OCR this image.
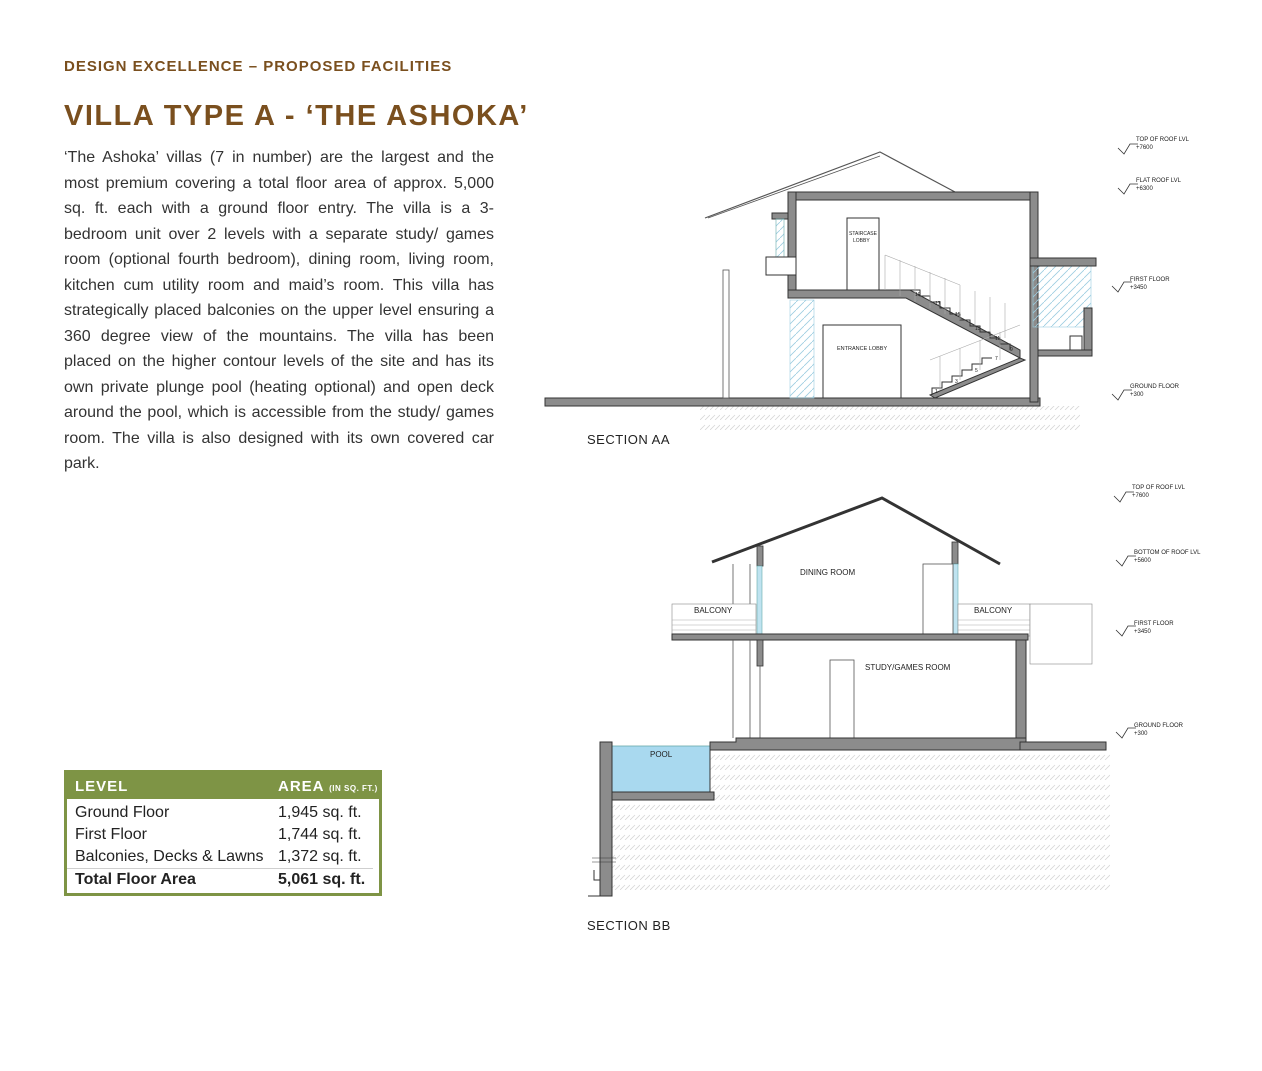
DESIGN EXCELLENCE – PROPOSED FACILITIES
VILLA TYPE A - ‘THE ASHOKA’

‘The Ashoka’ villas (7 in number) are the largest and the most premium covering a total floor area of approx. 5,000 sq. ft. each with a ground floor entry. The villa is a 3-bedroom unit over 2 levels with a separate study/ games room (optional fourth bedroom), dining room, living room, kitchen cum utility room and maid’s room. This villa has strategically placed balconies on the upper level ensuring a 360 degree view of the mountains. The villa has been placed on the higher contour levels of the site and has its own private plunge pool (heating optional) and open deck around the pool, which is accessible from the study/ games room. The villa is also designed with its own covered car park.

LEVEL	AREA (IN SQ. FT.)
Ground Floor	1,945 sq. ft.
First Floor	1,744 sq. ft.
Balconies, Decks & Lawns 1,372 sq. ft.
Total Floor Area	5,061 sq. ft.
STAIRCASE
LOBBY
ENTRANCE LOBBY
1
3
5
7
9
11
13
15
17
19
TOP OF ROOF LVL
+7600
FLAT ROOF LVL
+6300
FIRST FLOOR
+3450
GROUND FLOOR
+300
SECTION AA
BALCONY	BALCONY
DINING ROOM
STUDY/GAMES ROOM
POOL
TOP OF ROOF LVL
+7600
BOTTOM OF ROOF LVL
+5600
FIRST FLOOR
+3450
GROUND FLOOR
+300
SECTION BB
